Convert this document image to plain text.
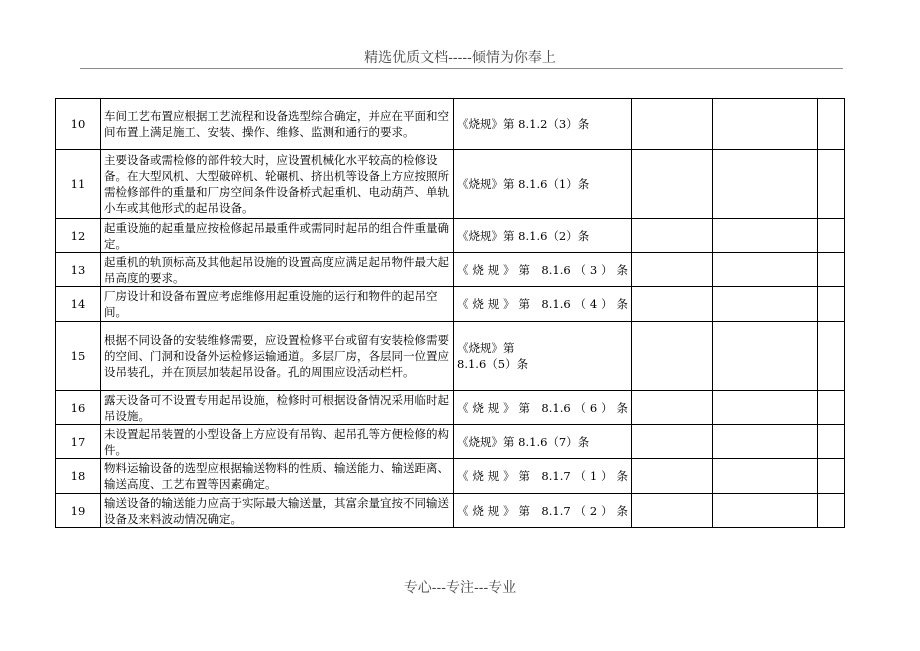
精选优质文档-----倾情为你奉上
10	车间工艺布置应根据工艺流程和设备选型综合确定，并应在平面和空间布置上满足施工、安装、操作、维修、监测和通行的要求。	《烧规》第 8.1.2（3）条			
11	主要设备或需检修的部件较大时，应设置机械化水平较高的检修设备。在大型风机、大型破碎机、轮碾机、挤出机等设备上方应按照所需检修部件的重量和厂房空间条件设备桥式起重机、电动葫芦、单轨小车或其他形式的起吊设备。	《烧规》第 8.1.6（1）条			
12	起重设施的起重量应按检修起吊最重件或需同时起吊的组合件重量确定。	《烧规》第 8.1.6（2）条			
13	起重机的轨顶标高及其他起吊设施的设置高度应满足起吊物件最大起吊高度的要求。	《烧规》第 8.1.6（3）条			
14	厂房设计和设备布置应考虑维修用起重设施的运行和物件的起吊空间。	《烧规》第 8.1.6（4）条			
15	根据不同设备的安装维修需要，应设置检修平台或留有安装检修需要的空间、门洞和设备外运检修运输通道。多层厂房，各层同一位置应设吊装孔，并在顶层加装起吊设备。孔的周围应设活动栏杆。	《烧规》第
8.1.6（5）条			

16	露天设备可不设置专用起吊设施，检修时可根据设备情况采用临时起吊设施。	《烧规》第 8.1.6（6）条			
17	未设置起吊装置的小型设备上方应设有吊钩、起吊孔等方便检修的构件。	《烧规》第 8.1.6（7）条			
18	物料运输设备的选型应根据输送物料的性质、输送能力、输送距离、输送高度、工艺布置等因素确定。	《烧规》第 8.1.7（1）条			
19	输送设备的输送能力应高于实际最大输送量，其富余量宜按不同输送设备及来料波动情况确定。	《烧规》第 8.1.7（2）条			
专心---专注---专业
